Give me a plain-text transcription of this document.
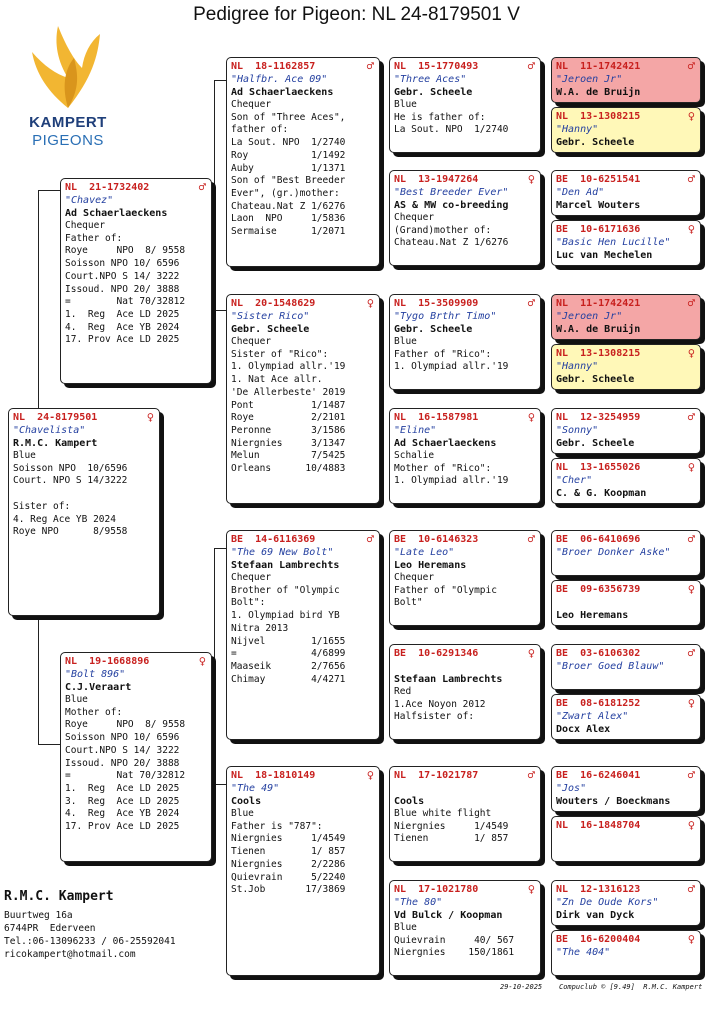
Pedigree for Pigeon: NL 24-8179501 V
KAMPERT
PIGEONS
NL  24-8179501	♀
"Chavelista"
R.M.C. Kampert
Blue
Soisson NPO  10/6596
Court. NPO S 14/3222

Sister of:
4. Reg Ace YB 2024
Roye NPO      8/9558
NL  21-1732402	♂
"Chavez"
Ad Schaerlaeckens
Chequer
Father of:
Roye     NPO  8/ 9558
Soisson NPO 10/ 6596
Court.NPO S 14/ 3222
Issoud. NPO 20/ 3888
=        Nat 70/32812
1.  Reg  Ace LD 2025
4.  Reg  Ace YB 2024
17. Prov Ace LD 2025
NL  19-1668896	♀
"Bolt 896"
C.J.Veraart
Blue
Mother of:
Roye     NPO  8/ 9558
Soisson NPO 10/ 6596
Court.NPO S 14/ 3222
Issoud. NPO 20/ 3888
=        Nat 70/32812
1.  Reg  Ace LD 2025
3.  Reg  Ace LD 2025
4.  Reg  Ace YB 2024
17. Prov Ace LD 2025
NL  18-1162857	♂
"Halfbr. Ace 09"
Ad Schaerlaeckens
Chequer
Son of "Three Aces",
father of:
La Sout. NPO  1/2740
Roy           1/1492
Auby          1/1371
Son of "Best Breeder
Ever", (gr.)mother:
Chateau.Nat Z 1/6276
Laon  NPO     1/5836
Sermaise      1/2071
NL  20-1548629	♀
"Sister Rico"
Gebr. Scheele
Chequer
Sister of "Rico":
1. Olympiad allr.'19
1. Nat Ace allr.
'De Allerbeste' 2019
Pont          1/1487
Roye          2/2101
Peronne       3/1586
Niergnies     3/1347
Melun         7/5425
Orleans      10/4883
BE  14-6116369	♂
"The 69 New Bolt"
Stefaan Lambrechts
Chequer
Brother of "Olympic
Bolt":
1. Olympiad bird YB
Nitra 2013
Nijvel        1/1655
=             4/6899
Maaseik       2/7656
Chimay        4/4271
NL  18-1810149	♀
"The 49"
Cools
Blue
Father is "787":
Niergnies     1/4549
Tienen        1/ 857
Niergnies     2/2286
Quievrain     5/2240
St.Job       17/3869
NL  15-1770493	♂
"Three Aces"
Gebr. Scheele
Blue
He is father of:
La Sout. NPO  1/2740
NL  13-1947264	♀
"Best Breeder Ever"
AS & MW co-breeding
Chequer
(Grand)mother of:
Chateau.Nat Z 1/6276
NL  15-3509909	♂
"Tygo Brthr Timo"
Gebr. Scheele
Blue
Father of "Rico":
1. Olympiad allr.'19
NL  16-1587981	♀
"Eline"
Ad Schaerlaeckens
Schalie
Mother of "Rico":
1. Olympiad allr.'19
BE  10-6146323	♂
"Late Leo"
Leo Heremans
Chequer
Father of "Olympic
Bolt"
BE  10-6291346	♀

Stefaan Lambrechts
Red
1.Ace Noyon 2012
Halfsister of:
NL  17-1021787	♂

Cools
Blue white flight
Niergnies     1/4549
Tienen        1/ 857
NL  17-1021780	♀
"The 80"
Vd Bulck / Koopman
Blue
Quievrain     40/ 567
Niergnies    150/1861
NL  11-1742421	♂
"Jeroen Jr"
W.A. de Bruijn
NL  13-1308215	♀
"Hanny"
Gebr. Scheele
BE  10-6251541	♂
"Den Ad"
Marcel Wouters
BE  10-6171636	♀
"Basic Hen Lucille"
Luc van Mechelen
NL  11-1742421	♂
"Jeroen Jr"
W.A. de Bruijn
NL  13-1308215	♀
"Hanny"
Gebr. Scheele
NL  12-3254959	♂
"Sonny"
Gebr. Scheele
NL  13-1655026	♀
"Cher"
C. & G. Koopman
BE  06-6410696	♂
"Broer Donker Aske"
BE  09-6356739	♀

Leo Heremans
BE  03-6106302	♂
"Broer Goed Blauw"
BE  08-6181252	♀
"Zwart Alex"
Docx Alex
BE  16-6246041	♂
"Jos"
Wouters / Boeckmans
NL  16-1848704	♀
NL  12-1316123	♂
"Zn De Oude Kors"
Dirk van Dyck
BE  16-6200404	♀
"The 404"
R.M.C. Kampert
Buurtweg 16a
6744PR  Ederveen
Tel.:06-13096233 / 06-25592041
ricokampert@hotmail.com
29-10-2025    Compuclub © [9.49]  R.M.C. Kampert
